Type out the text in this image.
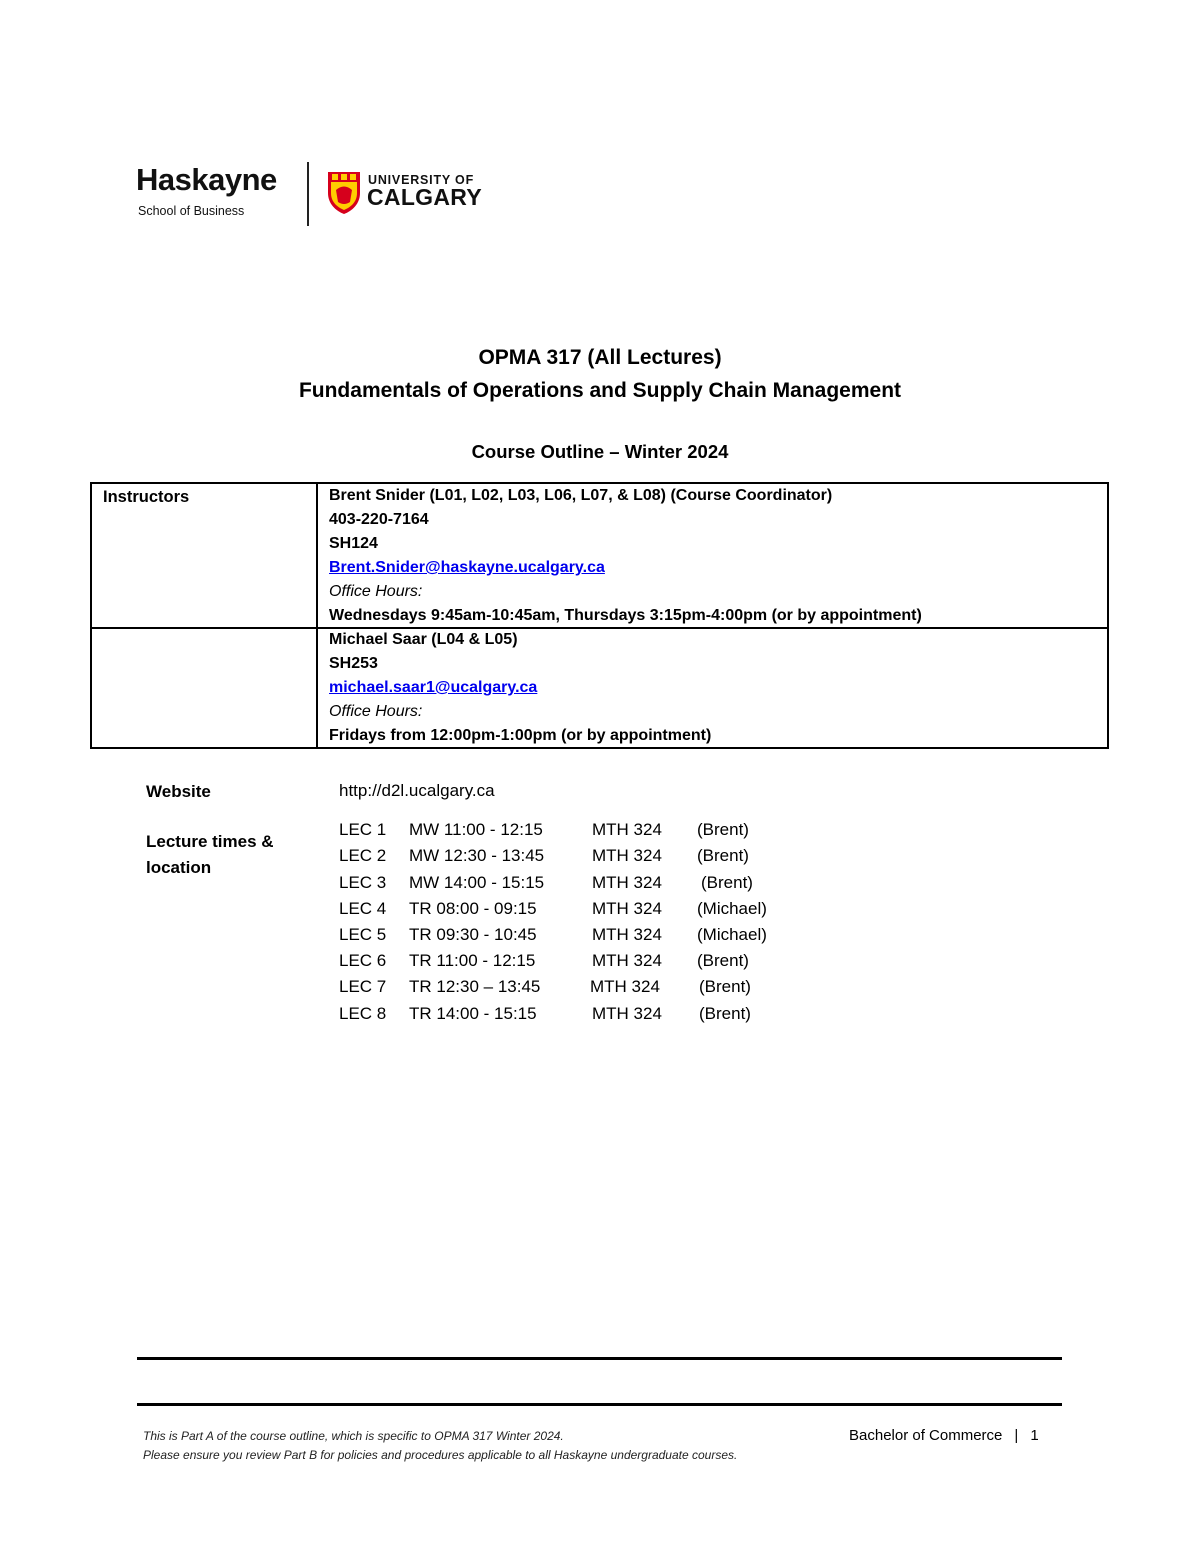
Haskayne
School of Business
UNIVERSITY OF
CALGARY
OPMA 317 (All Lectures)
Fundamentals of Operations and Supply Chain Management
Course Outline – Winter 2024
Instructors	Brent Snider (L01, L02, L03, L06, L07, & L08) (Course Coordinator)
403-220-7164
SH124
Brent.Snider@haskayne.ucalgary.ca
Office Hours:
Wednesdays 9:45am-10:45am, Thursdays 3:15pm-4:00pm (or by appointment)
Michael Saar (L04 & L05)
SH253
michael.saar1@ucalgary.ca
Office Hours:
Fridays from 12:00pm-1:00pm (or by appointment)
Website	http://d2l.ucalgary.ca
Lecture times &
location
LEC 1 MW 11:00 - 12:15	MTH 324 (Brent)
LEC 2 MW 12:30 - 13:45	MTH 324 (Brent)
LEC 3 MW 14:00 - 15:15	MTH 324 (Brent)
LEC 4 TR 08:00 - 09:15	MTH 324 (Michael)
LEC 5 TR 09:30 - 10:45	MTH 324 (Michael)
LEC 6 TR 11:00 - 12:15	MTH 324 (Brent)
LEC 7 TR 12:30 – 13:45	MTH 324 (Brent)
LEC 8 TR 14:00 - 15:15	MTH 324 (Brent)
This is Part A of the course outline, which is specific to OPMA 317 Winter 2024.
Please ensure you review Part B for policies and procedures applicable to all Haskayne undergraduate courses.
Bachelor of Commerce | 1
